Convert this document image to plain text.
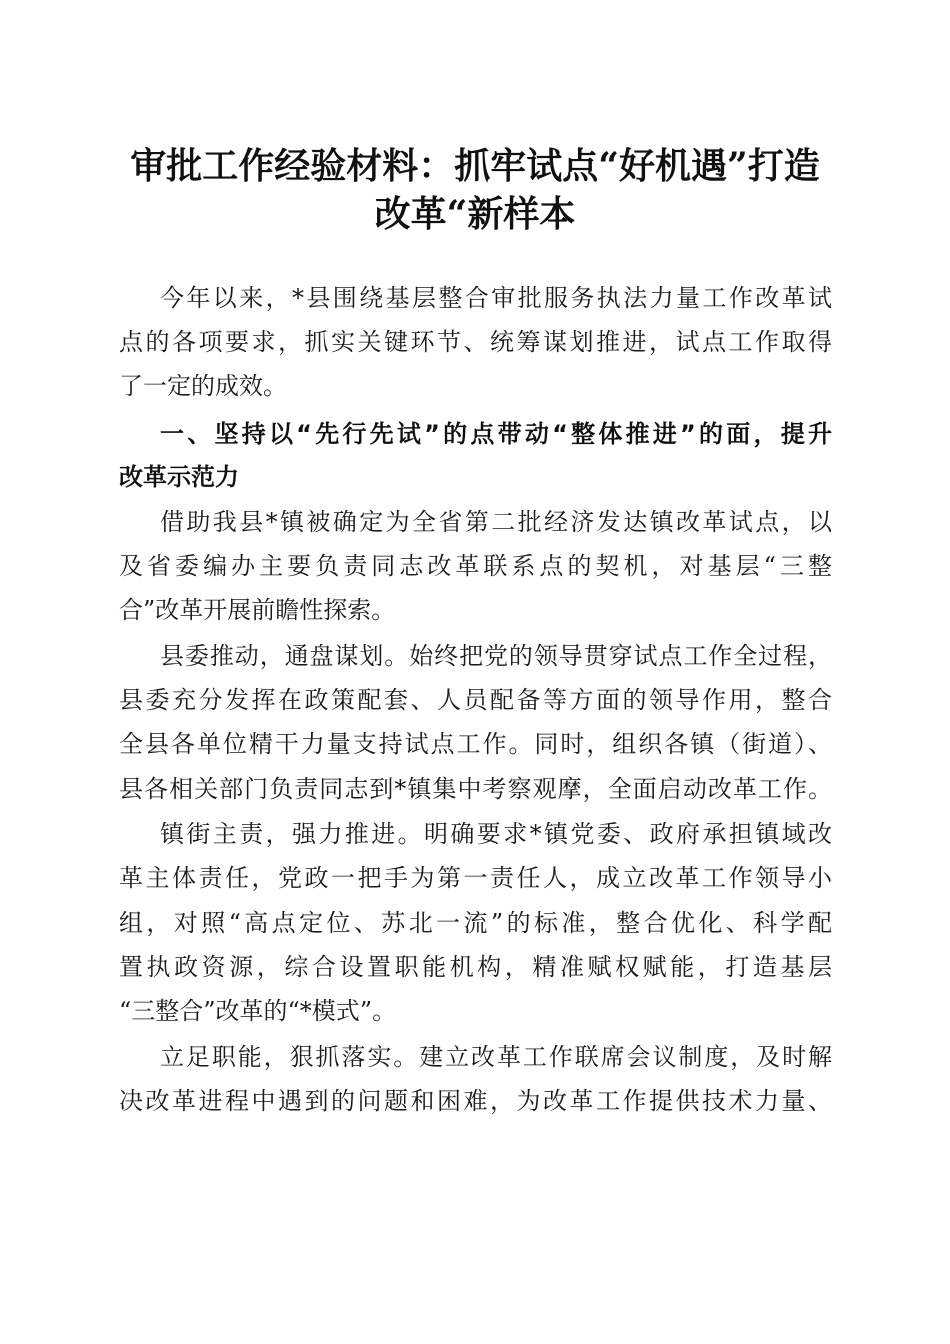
审批工作经验材料：抓牢试点“好机遇”打造
改革“新样本

今年以来，*县围绕基层整合审批服务执法力量工作改革试

点的各项要求，抓实关键环节、统筹谋划推进，试点工作取得

了一定的成效。

一、坚持以“先行先试”的点带动“整体推进”的面，提升

改革示范力

借助我县*镇被确定为全省第二批经济发达镇改革试点，以

及省委编办主要负责同志改革联系点的契机，对基层“三整

合”改革开展前瞻性探索。

县委推动，通盘谋划。始终把党的领导贯穿试点工作全过程，

县委充分发挥在政策配套、人员配备等方面的领导作用，整合

全县各单位精干力量支持试点工作。同时，组织各镇（街道）、

县各相关部门负责同志到*镇集中考察观摩，全面启动改革工作。

镇街主责，强力推进。明确要求*镇党委、政府承担镇域改

革主体责任，党政一把手为第一责任人，成立改革工作领导小

组，对照“高点定位、苏北一流”的标准，整合优化、科学配

置执政资源，综合设置职能机构，精准赋权赋能，打造基层

“三整合”改革的“*模式”。

立足职能，狠抓落实。建立改革工作联席会议制度，及时解

决改革进程中遇到的问题和困难，为改革工作提供技术力量、
